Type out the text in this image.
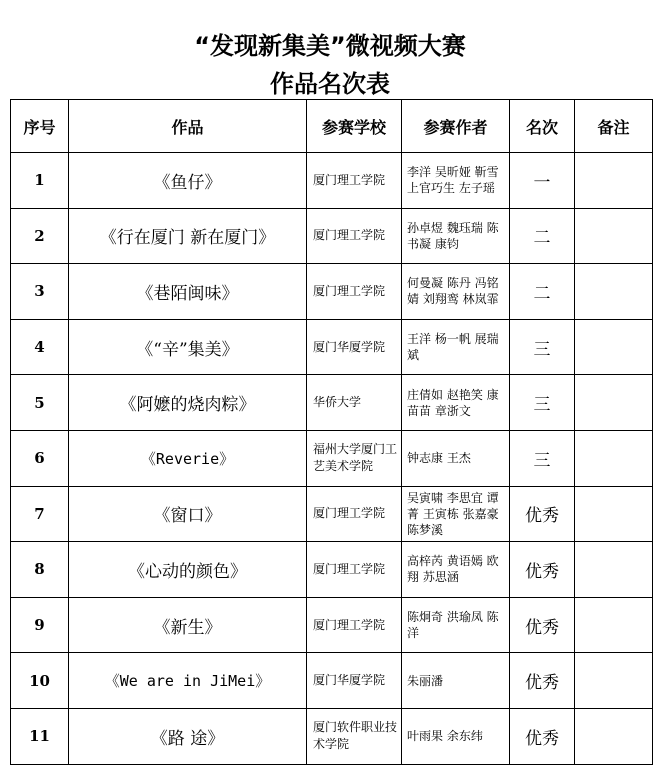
“发现新集美”微视频大赛
作品名次表
序号	作品	参赛学校	参赛作者	名次	备注
1	《鱼仔》	厦门理工学院	李洋 吴昕娅 靳雪 上官巧生 左子瑶	一	
2	《行在厦门 新在厦门》	厦门理工学院	孙卓煜 魏珏瑞 陈书凝 康钧	二	
3	《巷陌闽味》	厦门理工学院	何曼凝 陈丹 冯铭婧 刘翔鸾 林岚霏	二	
4	《“辛”集美》	厦门华厦学院	王洋 杨一帆 展瑞斌	三	
5	《阿嬷的烧肉粽》	华侨大学	庄倩如 赵艳笑 康苗苗 章浙文	三	
6	《Reverie》	福州大学厦门工艺美术学院	钟志康 王杰	三	
7	《窗口》	厦门理工学院	吴寅啸 李思宜 谭菁 王寅栋 张嘉豪 陈梦溪	优秀	
8	《心动的颜色》	厦门理工学院	高梓芮 黄语嫣 欧翔 苏思涵	优秀	
9	《新生》	厦门理工学院	陈炯奇 洪瑜凤 陈洋	优秀	
10	《We are in JiMei》	厦门华厦学院	朱丽潘	优秀	
11	《路 途》	厦门软件职业技术学院	叶雨果 余东纬	优秀	
